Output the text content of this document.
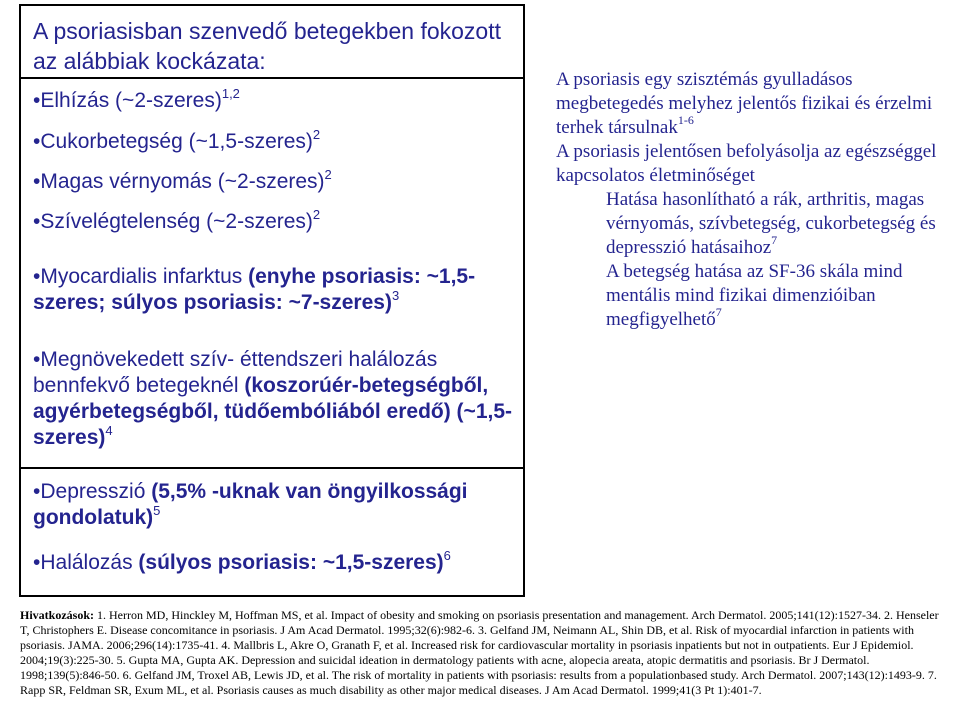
A psoriasisban szenvedő betegekben fokozott az alábbiak kockázata:
•Elhízás (~2-szeres)$^{1,2}$
•Cukorbetegség (~1,5-szeres)$^2$
•Magas vérnyomás (~2-szeres)$^2$
•Szívelégtelenség (~2-szeres)$^2$
•Myocardialis infarktus (enyhe psoriasis: ~1,5-szeres; súlyos psoriasis: ~7-szeres)$^3$
•Megnövekedett szív- éttendszeri halálozás bennfekvő betegeknél (koszorúér-betegségből, agyérbetegségből, tüdőembóliából eredő) (~1,5-szeres)$^4$
•Depresszió (5,5% -uknak van öngyilkossági gondolatuk)$^5$
•Halálozás (súlyos psoriasis: ~1,5-szeres)$^6$

A psoriasis egy szisztémás gyulladásos megbetegedés melyhez jelentős fizikai és érzelmi terhek társulnak$^{1-6}$

A psoriasis jelentősen befolyásolja az egészséggel kapcsolatos életminőséget

Hatása hasonlítható a rák, arthritis, magas vérnyomás, szívbetegség, cukorbetegség és depresszió hatásaihoz$^7$

A betegség hatása az SF-36 skála mind mentális mind fizikai dimenzióiban megfigyelhető$^7$

Hivatkozások: 1. Herron MD, Hinckley M, Hoffman MS, et al. Impact of obesity and smoking on psoriasis presentation and management. Arch Dermatol. 2005;141(12):1527-34. 2. Henseler T, Christophers E. Disease concomitance in psoriasis. J Am Acad Dermatol. 1995;32(6):982-6. 3. Gelfand JM, Neimann AL, Shin DB, et al. Risk of myocardial infarction in patients with psoriasis. JAMA. 2006;296(14):1735-41. 4. Mallbris L, Akre O, Granath F, et al. Increased risk for cardiovascular mortality in psoriasis inpatients but not in outpatients. Eur J Epidemiol. 2004;19(3):225-30. 5. Gupta MA, Gupta AK. Depression and suicidal ideation in dermatology patients with acne, alopecia areata, atopic dermatitis and psoriasis. Br J Dermatol. 1998;139(5):846-50. 6. Gelfand JM, Troxel AB, Lewis JD, et al. The risk of mortality in patients with psoriasis: results from a populationbased study. Arch Dermatol. 2007;143(12):1493-9. 7. Rapp SR, Feldman SR, Exum ML, et al. Psoriasis causes as much disability as other major medical diseases. J Am Acad Dermatol. 1999;41(3 Pt 1):401-7.
